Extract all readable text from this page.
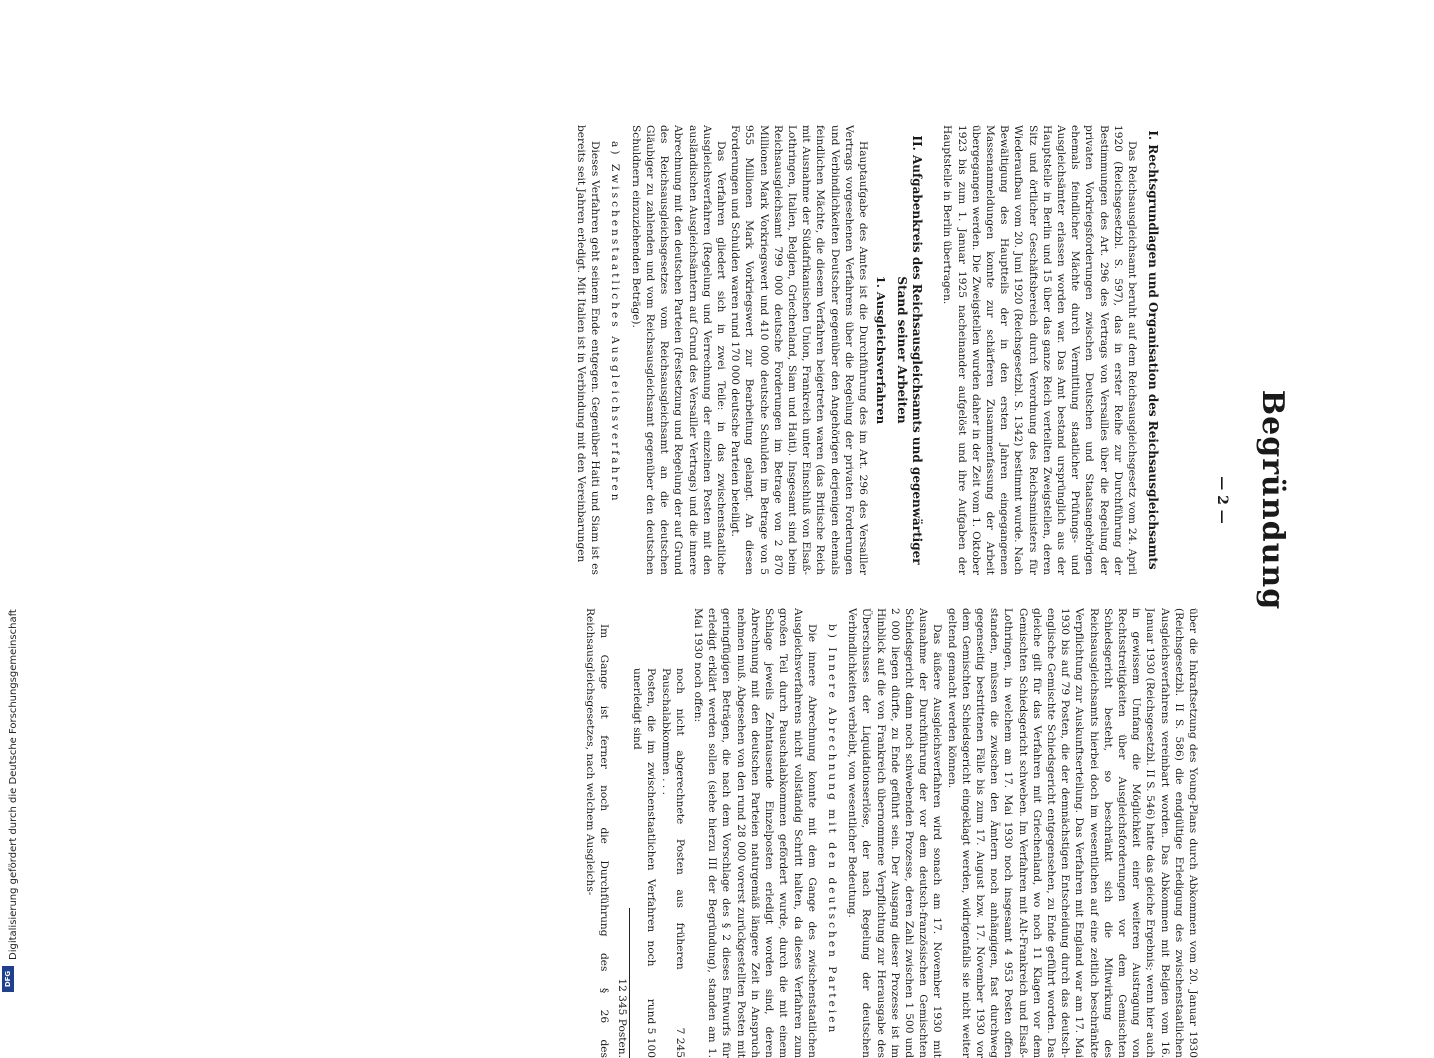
Digitalisierung gefördert durch die Deutsche Forschungsgemeinschaft
DFG
Begründung
— 2 —
I. Rechtsgrundlagen und Organisation des Reichsausgleichsamts

Das Reichsausgleichsamt beruht auf dem Reichsausgleichsgesetz vom 24. April 1920 (Reichsgesetzbl. S. 597), das in erster Reihe zur Durchführung der Bestimmungen des Art. 296 des Vertrags von Versailles über die Regelung der privaten Vorkriegsforderungen zwischen Deutschen und Staatsangehörigen ehemals feindlicher Mächte durch Vermittlung staatlicher Prüfungs- und Ausgleichsämter erlassen worden war. Das Amt bestand ursprünglich aus der Hauptstelle in Berlin und 15 über das ganze Reich verteilten Zweigstellen, deren Sitz und örtlicher Geschäftsbereich durch Verordnung des Reichsministers für Wiederaufbau vom 20. Juni 1920 (Reichsgesetzbl. S. 1342) bestimmt wurde. Nach Bewältigung des Hauptteils der in den ersten Jahren eingegangenen Massenanmeldungen konnte zur schärferen Zusammenfassung der Arbeit übergegangen werden. Die Zweigstellen wurden daher in der Zeit vom 1. Oktober 1923 bis zum 1. Januar 1925 nacheinander aufgelöst und ihre Aufgaben der Hauptstelle in Berlin übertragen.

II. Aufgabenkreis des Reichsausgleichsamts und gegenwärtiger Stand seiner Arbeiten
1. Ausgleichsverfahren

Hauptaufgabe des Amtes ist die Durchführung des im Art. 296 des Versailler Vertrags vorgesehenen Verfahrens über die Regelung der privaten Forderungen und Verbindlichkeiten Deutscher gegenüber den Angehörigen derjenigen ehemals feindlichen Mächte, die diesem Verfahren beigetreten waren (das Britische Reich mit Ausnahme der Südafrikanischen Union, Frankreich unter Einschluß von Elsaß-Lothringen, Italien, Belgien, Griechenland, Siam und Haiti). Insgesamt sind beim Reichsausgleichsamt 799 000 deutsche Forderungen im Betrage von 2 870 Millionen Mark Vorkriegswert und 410 000 deutsche Schulden im Betrage von 5 955 Millionen Mark Vorkriegswert zur Bearbeitung gelangt. An diesen Forderungen und Schulden waren rund 170 000 deutsche Parteien beteiligt.

Das Verfahren gliedert sich in zwei Teile: in das zwischenstaatliche Ausgleichsverfahren (Regelung und Verrechnung der einzelnen Posten mit den ausländischen Ausgleichsämtern auf Grund des Versailler Vertrags) und die innere Abrechnung mit den deutschen Parteien (Festsetzung und Regelung der auf Grund des Reichsausgleichsgesetzes vom Reichsausgleichsamt an die deutschen Gläubiger zu zahlenden und vom Reichsausgleichsamt gegenüber den deutschen Schuldnern einzuziehenden Beträge).

a) Zwischenstaatliches Ausgleichsverfahren

Dieses Verfahren geht seinem Ende entgegen. Gegenüber Haiti und Siam ist es bereits seit Jahren erledigt. Mit Italien ist in Verbindung mit den Vereinbarungen

über die Inkraftsetzung des Young-Plans durch Abkommen vom 20. Januar 1930 (Reichsgesetzbl. II S. 586) die endgültige Erledigung des zwischenstaatlichen Ausgleichsverfahrens vereinbart worden. Das Abkommen mit Belgien vom 16. Januar 1930 (Reichsgesetzbl. II S. 546) hatte das gleiche Ergebnis; wenn hier auch in gewissem Umfang die Möglichkeit einer weiteren Austragung von Rechtsstreitigkeiten über Ausgleichsforderungen vor dem Gemischten Schiedsgericht besteht, so beschränkt sich die Mitwirkung des Reichsausgleichsamts hierbei doch im wesentlichen auf eine zeitlich beschränkte Verpflichtung zur Auskunftserteilung. Das Verfahren mit England war am 17. Mai 1930 bis auf 79 Posten, die der demnächstigen Entscheidung durch das deutsch-englische Gemischte Schiedsgericht entgegensehen, zu Ende geführt worden. Das gleiche gilt für das Verfahren mit Griechenland, wo noch 11 Klagen vor dem Gemischten Schiedsgericht schweben. Im Verfahren mit Alt-Frankreich und Elsaß-Lothringen, in welchem am 17. Mai 1930 noch insgesamt 4 953 Posten offen standen, müssen die zwischen den Ämtern noch anhängigen, fast durchweg gegenseitig bestrittenen Fälle bis zum 17. August bzw. 17. November 1930 vor dem Gemischten Schiedsgericht eingeklagt werden, widrigenfalls sie nicht weiter geltend gemacht werden können.

Das äußere Ausgleichsverfahren wird sonach am 17. November 1930 mit Ausnahme der Durchführung der vor dem deutsch-französischen Gemischten Schiedsgericht dann noch schwebenden Prozesse, deren Zahl zwischen 1 500 und 2 000 liegen dürfte, zu Ende geführt sein. Der Ausgang dieser Prozesse ist im Hinblick auf die von Frankreich übernommene Verpflichtung zur Herausgabe des Überschusses der Liquidationserlöse, der nach Regelung der deutschen Verbindlichkeiten verbleibt, von wesentlicher Bedeutung.

b) Innere Abrechnung mit den deutschen Parteien

Die innere Abrechnung konnte mit dem Gange des zwischenstaatlichen Ausgleichsverfahrens nicht vollständig Schritt halten, da dieses Verfahren zum großen Teil durch Pauschalabkommen gefördert wurde, durch die mit einem Schlage jeweils Zehntausende Einzelposten erledigt worden sind, deren Abrechnung mit den deutschen Parteien naturgemäß längere Zeit in Anspruch nehmen muß. Abgesehen von den rund 28 000 vorerst zurückgestellten Posten mit geringfügigen Beträgen, die nach dem Vorschlage des § 2 dieses Entwurfs für erledigt erklärt werden sollen (siehe hierzu III der Begründung), standen am 1. Mai 1930 noch offen:

noch nicht abgerechnete Posten aus früheren Pauschalabkommen . . .
7 245
Posten, die im zwischenstaatlichen Verfahren noch unerledigt sind
rund 5 100
12 345 Posten.

Im Gange ist ferner noch die Durchführung des § 26 des Reichsausgleichsgesetzes, nach welchem Ausgleichs-
